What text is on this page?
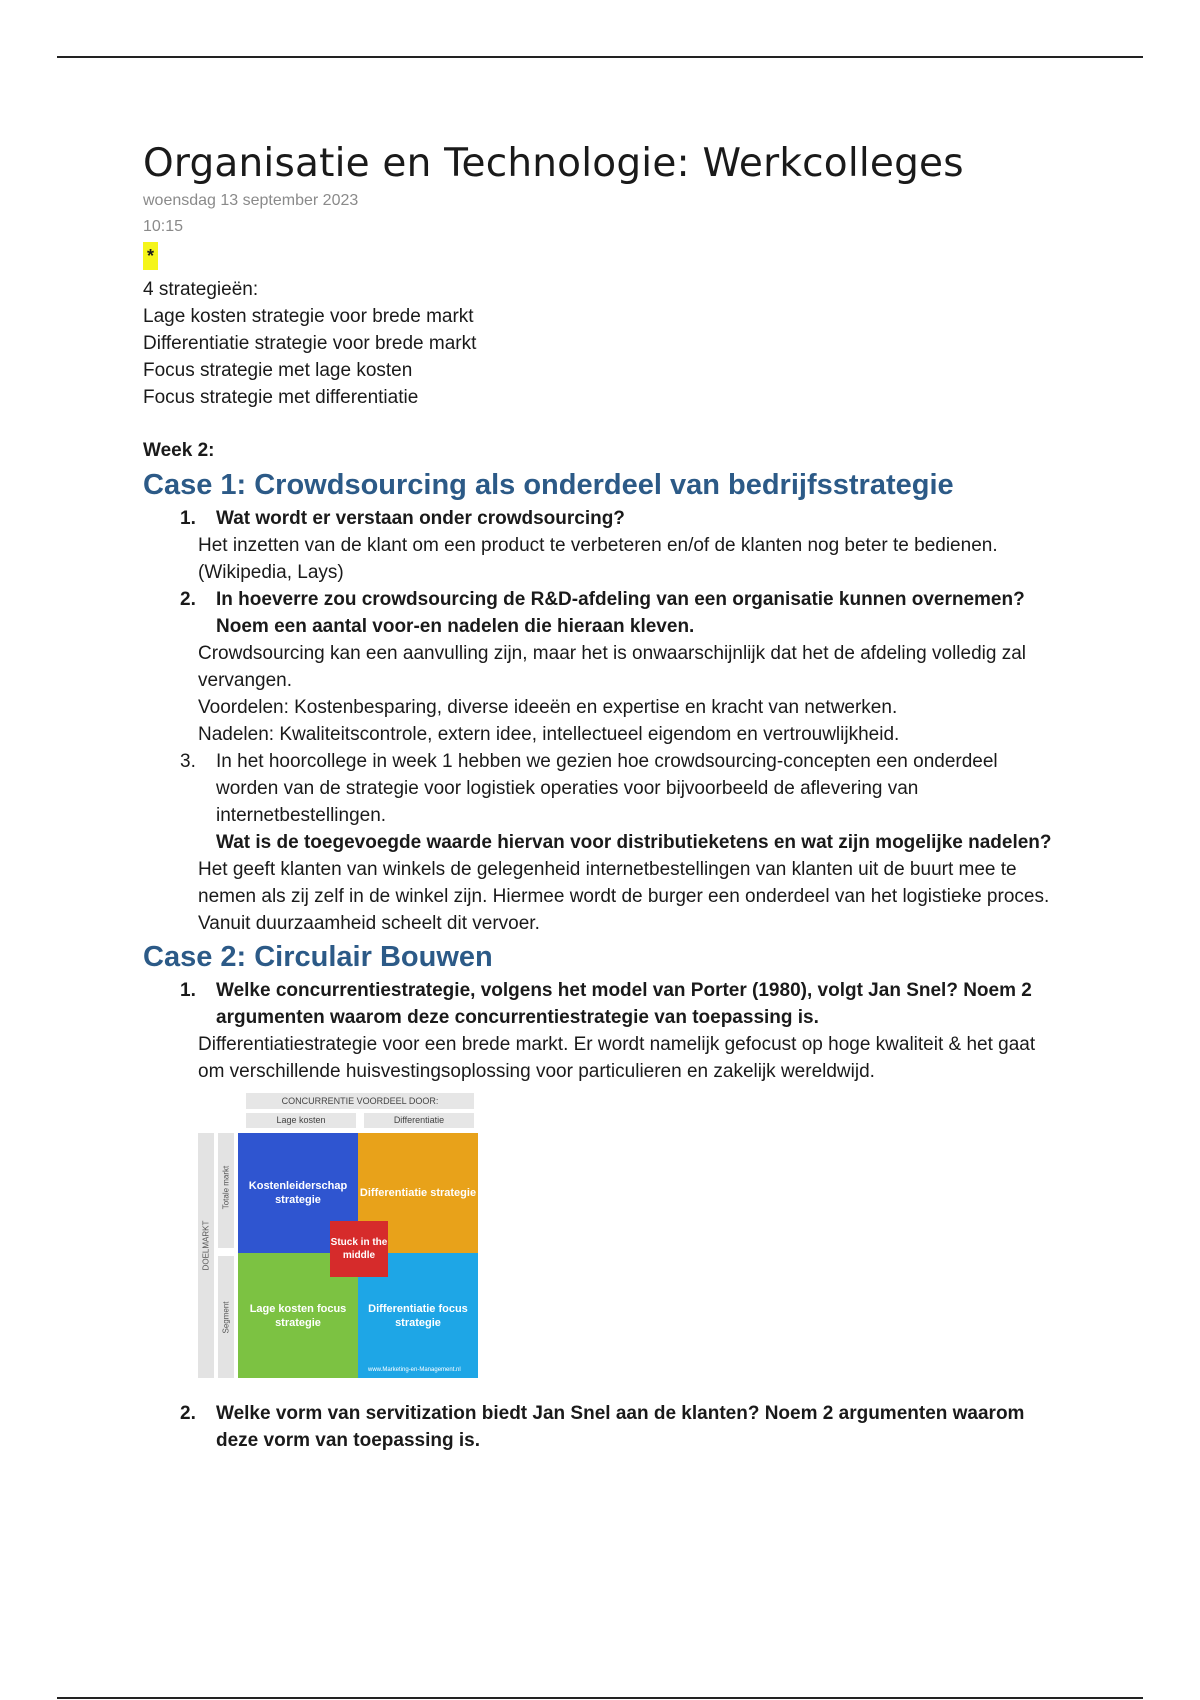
Organisatie en Technologie: Werkcolleges
woensdag 13 september 2023
10:15
*
4 strategieën:
Lage kosten strategie voor brede markt
Differentiatie strategie voor brede markt
Focus strategie met lage kosten
Focus strategie met differentiatie
Week 2:
Case 1: Crowdsourcing als onderdeel van bedrijfsstrategie
1. Wat wordt er verstaan onder crowdsourcing?
Het inzetten van de klant om een product te verbeteren en/of de klanten nog beter te bedienen. (Wikipedia, Lays)
2. In hoeverre zou crowdsourcing de R&D-afdeling van een organisatie kunnen overnemen? Noem een aantal voor-en nadelen die hieraan kleven.
Crowdsourcing kan een aanvulling zijn, maar het is onwaarschijnlijk dat het de afdeling volledig zal vervangen.
Voordelen: Kostenbesparing, diverse ideeën en expertise en kracht van netwerken.
Nadelen: Kwaliteitscontrole, extern idee, intellectueel eigendom en vertrouwlijkheid.
3. In het hoorcollege in week 1 hebben we gezien hoe crowdsourcing-concepten een onderdeel worden van de strategie voor logistiek operaties voor bijvoorbeeld de aflevering van internetbestellingen.
Wat is de toegevoegde waarde hiervan voor distributieketens en wat zijn mogelijke nadelen?
Het geeft klanten van winkels de gelegenheid internetbestellingen van klanten uit de buurt mee te nemen als zij zelf in de winkel zijn. Hiermee wordt de burger een onderdeel van het logistieke proces. Vanuit duurzaamheid scheelt dit vervoer.
Case 2: Circulair Bouwen
1. Welke concurrentiestrategie, volgens het model van Porter (1980), volgt Jan Snel? Noem 2 argumenten waarom deze concurrentiestrategie van toepassing is.
Differentiatiestrategie voor een brede markt. Er wordt namelijk gefocust op hoge kwaliteit & het gaat om verschillende huisvestingsoplossing voor particulieren en zakelijk wereldwijd.
CONCURRENTIE VOORDEEL DOOR:
Lage kosten	Differentiatie
DOELMARKT
Totale markt
Segment
Kostenleiderschap strategie
Differentiatie strategie
Lage kosten focus strategie
Differentiatie focus strategie
Stuck in the middle
www.Marketing-en-Management.nl
2. Welke vorm van servitization biedt Jan Snel aan de klanten? Noem 2 argumenten waarom deze vorm van toepassing is.
